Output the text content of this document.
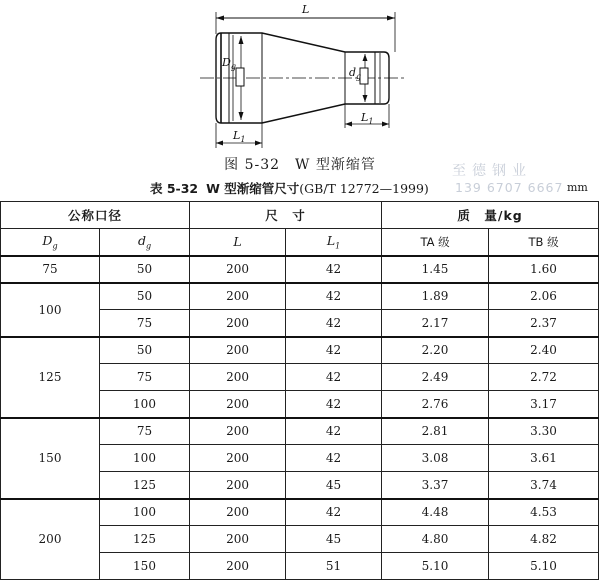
L
$D_g$	$d_g$
$L_1$
$L_1$
图 5-32　W 型渐缩管	至德钢业
139 6707 6667
表 5-32 W 型渐缩管尺寸(GB/T 12772—1999)	mm
公称口径		尺　寸		质　量/kg	
$D_g$	$d_g$	L	$L_1$	TA 级	TB 级
75	50	200	42	1.45	1.60
100	50	200	42	1.89	2.06
	75	200	42	2.17	2.37
125	50	200	42	2.20	2.40
	75	200	42	2.49	2.72
	100	200	42	2.76	3.17
150	75	200	42	2.81	3.30
	100	200	42	3.08	3.61
	125	200	45	3.37	3.74
200	100	200	42	4.48	4.53
	125	200	45	4.80	4.82
	150	200	51	5.10	5.10
